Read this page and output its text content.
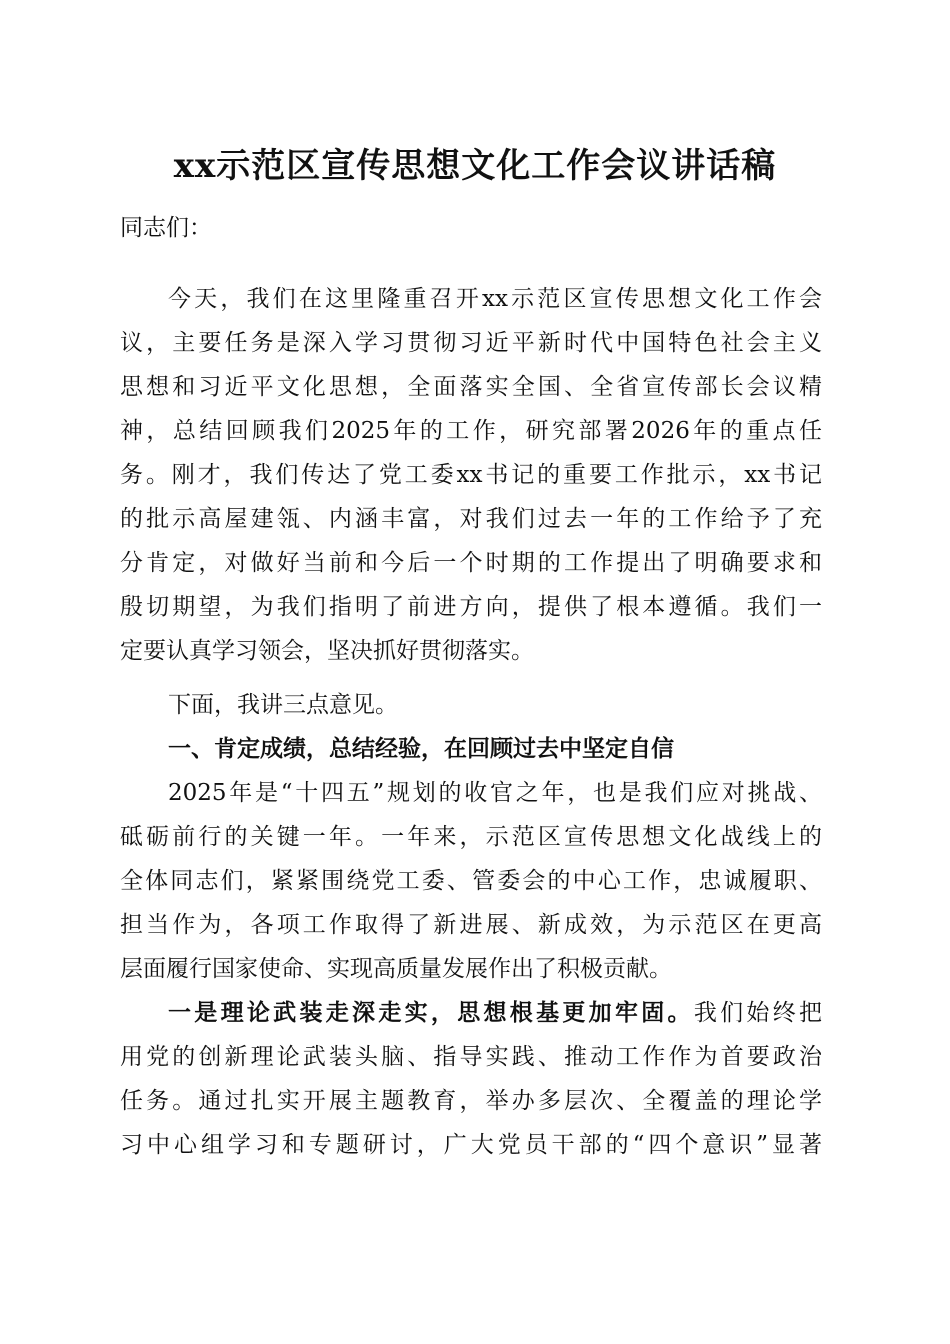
xx示范区宣传思想文化工作会议讲话稿
同志们：
今天，我们在这里隆重召开xx示范区宣传思想文化工作会
议，主要任务是深入学习贯彻习近平新时代中国特色社会主义
思想和习近平文化思想，全面落实全国、全省宣传部长会议精
神，总结回顾我们2025年的工作，研究部署2026年的重点任
务。刚才，我们传达了党工委xx书记的重要工作批示，xx书记
的批示高屋建瓴、内涵丰富，对我们过去一年的工作给予了充
分肯定，对做好当前和今后一个时期的工作提出了明确要求和
殷切期望，为我们指明了前进方向，提供了根本遵循。我们一
定要认真学习领会，坚决抓好贯彻落实。
下面，我讲三点意见。
一、肯定成绩，总结经验，在回顾过去中坚定自信
2025年是“十四五”规划的收官之年，也是我们应对挑战、
砥砺前行的关键一年。一年来，示范区宣传思想文化战线上的
全体同志们，紧紧围绕党工委、管委会的中心工作，忠诚履职、
担当作为，各项工作取得了新进展、新成效，为示范区在更高
层面履行国家使命、实现高质量发展作出了积极贡献。
一是理论武装走深走实，思想根基更加牢固。我们始终把
用党的创新理论武装头脑、指导实践、推动工作作为首要政治
任务。通过扎实开展主题教育，举办多层次、全覆盖的理论学
习中心组学习和专题研讨，广大党员干部的“四个意识”显著
